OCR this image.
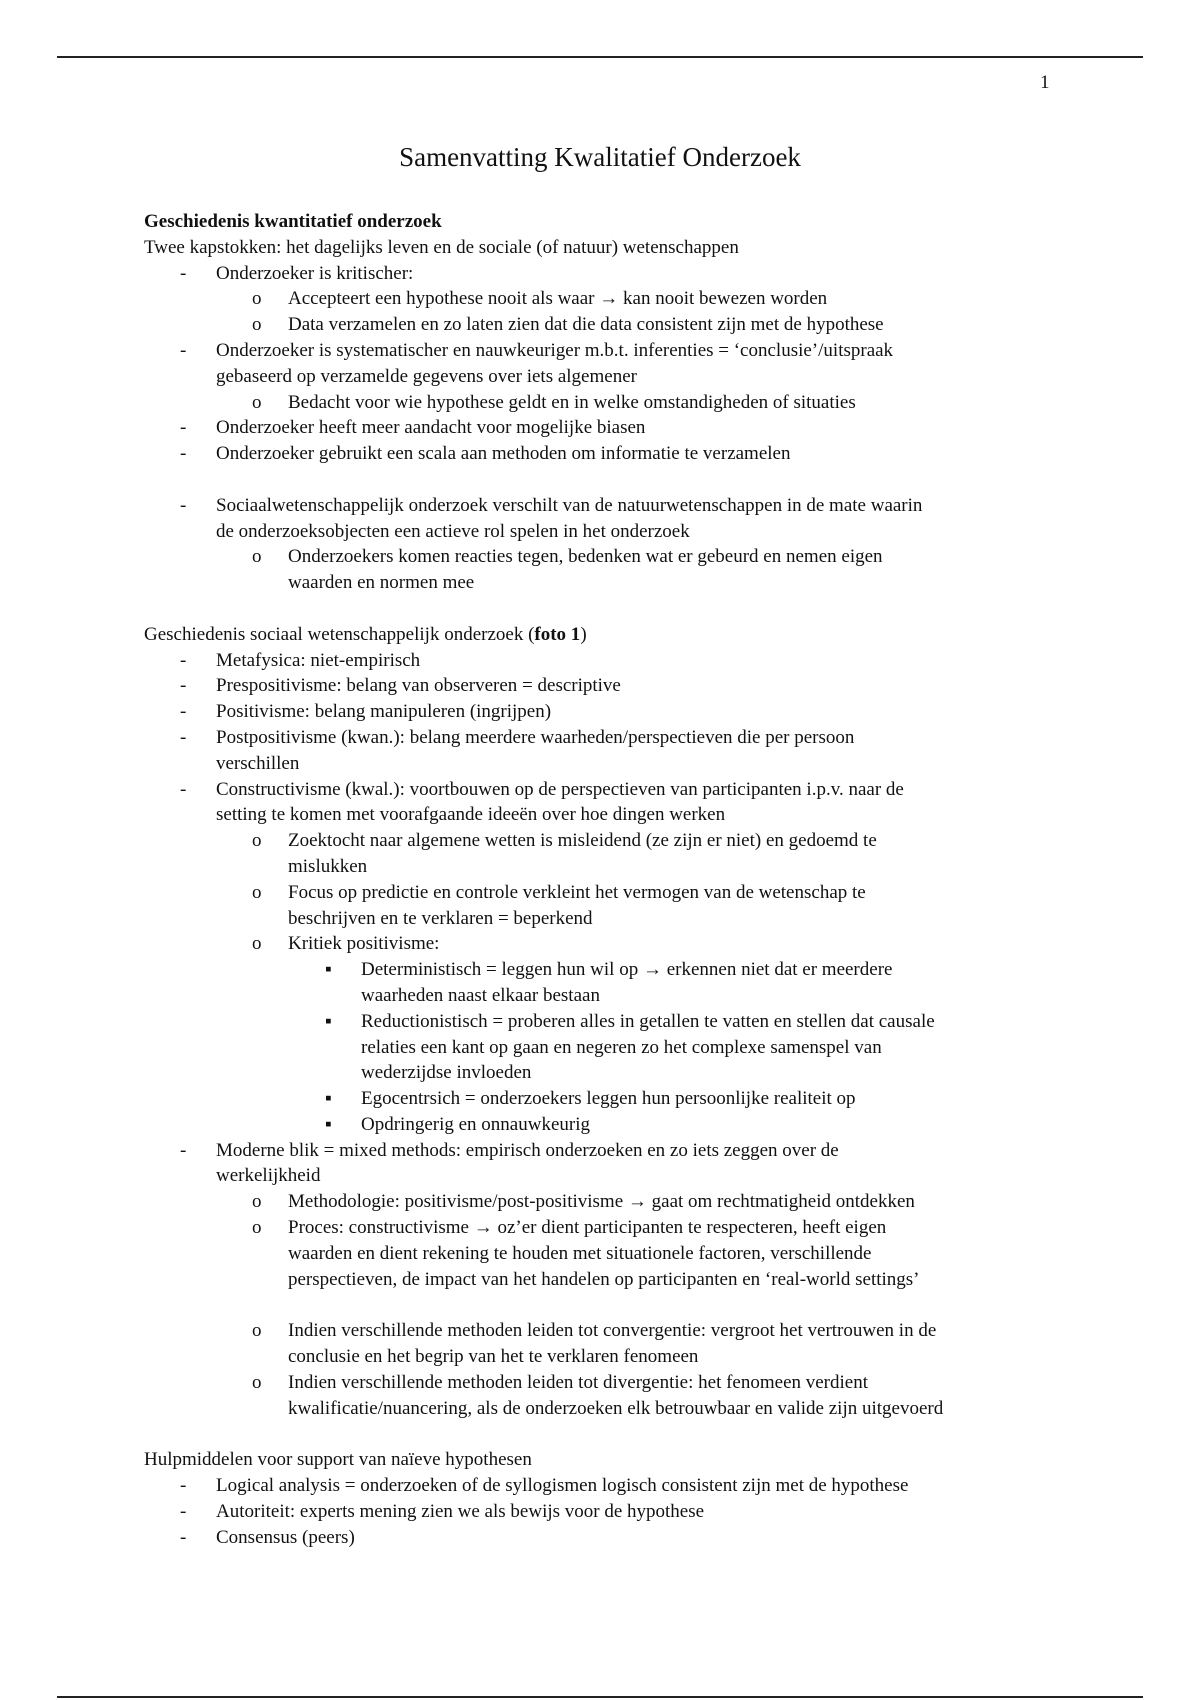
1
Samenvatting Kwalitatief Onderzoek
Geschiedenis kwantitatief onderzoek
Twee kapstokken: het dagelijks leven en de sociale (of natuur) wetenschappen
-	Onderzoeker is kritischer:
o	Accepteert een hypothese nooit als waar → kan nooit bewezen worden
o	Data verzamelen en zo laten zien dat die data consistent zijn met de hypothese
-	Onderzoeker is systematischer en nauwkeuriger m.b.t. inferenties = ‘conclusie’/uitspraak
gebaseerd op verzamelde gegevens over iets algemener
o	Bedacht voor wie hypothese geldt en in welke omstandigheden of situaties
-	Onderzoeker heeft meer aandacht voor mogelijke biasen
-	Onderzoeker gebruikt een scala aan methoden om informatie te verzamelen
-	Sociaalwetenschappelijk onderzoek verschilt van de natuurwetenschappen in de mate waarin
de onderzoeksobjecten een actieve rol spelen in het onderzoek
o	Onderzoekers komen reacties tegen, bedenken wat er gebeurd en nemen eigen
waarden en normen mee
Geschiedenis sociaal wetenschappelijk onderzoek (foto 1)
-	Metafysica: niet-empirisch
-	Prespositivisme: belang van observeren = descriptive
-	Positivisme: belang manipuleren (ingrijpen)
-	Postpositivisme (kwan.): belang meerdere waarheden/perspectieven die per persoon
verschillen
-	Constructivisme (kwal.): voortbouwen op de perspectieven van participanten i.p.v. naar de
setting te komen met voorafgaande ideeën over hoe dingen werken
o	Zoektocht naar algemene wetten is misleidend (ze zijn er niet) en gedoemd te
mislukken
o	Focus op predictie en controle verkleint het vermogen van de wetenschap te
beschrijven en te verklaren = beperkend
o	Kritiek positivisme:
▪	Deterministisch = leggen hun wil op → erkennen niet dat er meerdere
waarheden naast elkaar bestaan
▪	Reductionistisch = proberen alles in getallen te vatten en stellen dat causale
relaties een kant op gaan en negeren zo het complexe samenspel van
wederzijdse invloeden
▪	Egocentrsich = onderzoekers leggen hun persoonlijke realiteit op
▪	Opdringerig en onnauwkeurig
-	Moderne blik = mixed methods: empirisch onderzoeken en zo iets zeggen over de
werkelijkheid
o	Methodologie: positivisme/post-positivisme → gaat om rechtmatigheid ontdekken
o	Proces: constructivisme → oz’er dient participanten te respecteren, heeft eigen
waarden en dient rekening te houden met situationele factoren, verschillende
perspectieven, de impact van het handelen op participanten en ‘real-world settings’
o	Indien verschillende methoden leiden tot convergentie: vergroot het vertrouwen in de
conclusie en het begrip van het te verklaren fenomeen
o	Indien verschillende methoden leiden tot divergentie: het fenomeen verdient
kwalificatie/nuancering, als de onderzoeken elk betrouwbaar en valide zijn uitgevoerd
Hulpmiddelen voor support van naïeve hypothesen
-	Logical analysis = onderzoeken of de syllogismen logisch consistent zijn met de hypothese
-	Autoriteit: experts mening zien we als bewijs voor de hypothese
-	Consensus (peers)
